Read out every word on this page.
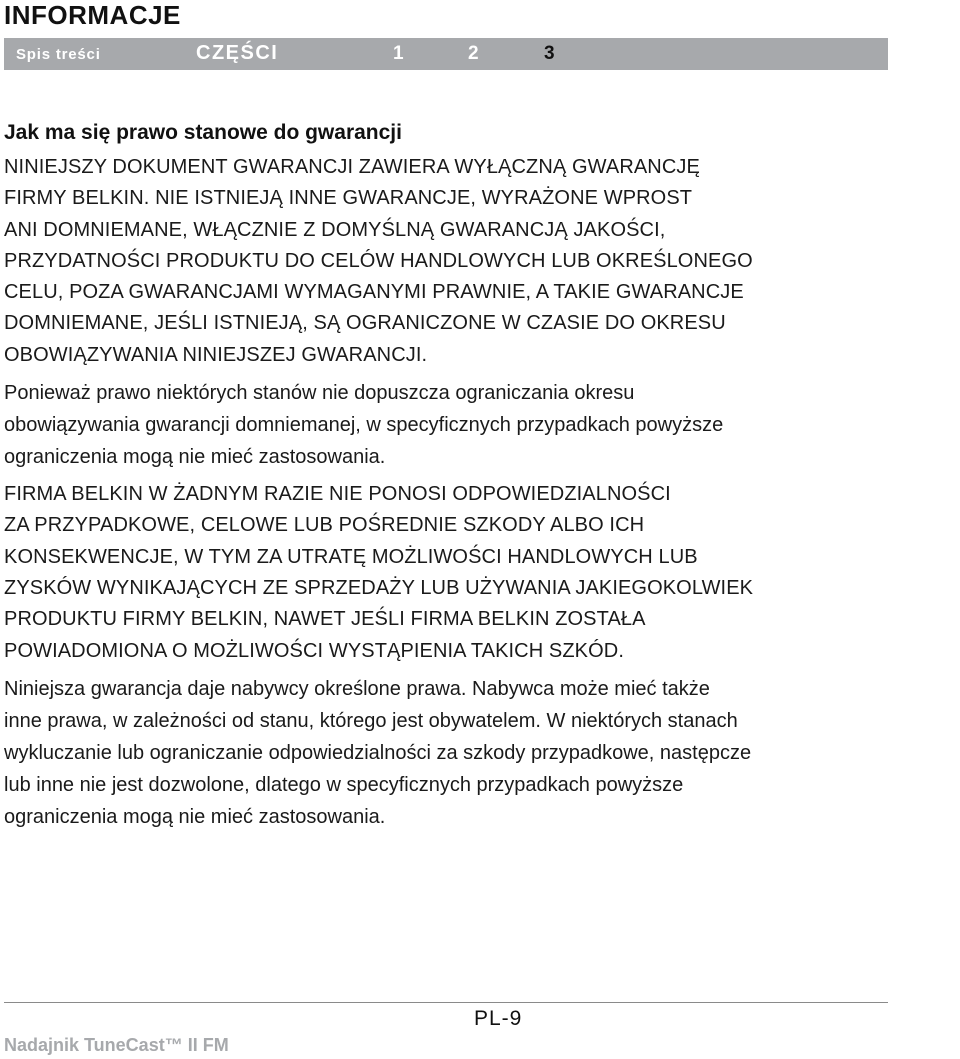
INFORMACJE
Spis treści	CZĘŚCI	1	2	3
Jak ma się prawo stanowe do gwarancji

NINIEJSZY DOKUMENT GWARANCJI ZAWIERA WYŁĄCZNĄ GWARANCJĘ
FIRMY BELKIN. NIE ISTNIEJĄ INNE GWARANCJE, WYRAŻONE WPROST
ANI DOMNIEMANE, WŁĄCZNIE Z DOMYŚLNĄ GWARANCJĄ JAKOŚCI,
PRZYDATNOŚCI PRODUKTU DO CELÓW HANDLOWYCH LUB OKREŚLONEGO
CELU, POZA GWARANCJAMI WYMAGANYMI PRAWNIE, A TAKIE GWARANCJE
DOMNIEMANE, JEŚLI ISTNIEJĄ, SĄ OGRANICZONE W CZASIE DO OKRESU
OBOWIĄZYWANIA NINIEJSZEJ GWARANCJI.

Ponieważ prawo niektórych stanów nie dopuszcza ograniczania okresu
obowiązywania gwarancji domniemanej, w specyficznych przypadkach powyższe
ograniczenia mogą nie mieć zastosowania.

FIRMA BELKIN W ŻADNYM RAZIE NIE PONOSI ODPOWIEDZIALNOŚCI
ZA PRZYPADKOWE, CELOWE LUB POŚREDNIE SZKODY ALBO ICH
KONSEKWENCJE, W TYM ZA UTRATĘ MOŻLIWOŚCI HANDLOWYCH LUB
ZYSKÓW WYNIKAJĄCYCH ZE SPRZEDAŻY LUB UŻYWANIA JAKIEGOKOLWIEK
PRODUKTU FIRMY BELKIN, NAWET JEŚLI FIRMA BELKIN ZOSTAŁA
POWIADOMIONA O MOŻLIWOŚCI WYSTĄPIENIA TAKICH SZKÓD.

Niniejsza gwarancja daje nabywcy określone prawa. Nabywca może mieć także
inne prawa, w zależności od stanu, którego jest obywatelem. W niektórych stanach
wykluczanie lub ograniczanie odpowiedzialności za szkody przypadkowe, następcze
lub inne nie jest dozwolone, dlatego w specyficznych przypadkach powyższe
ograniczenia mogą nie mieć zastosowania.

PL-9
Nadajnik TuneCast™ II FM
